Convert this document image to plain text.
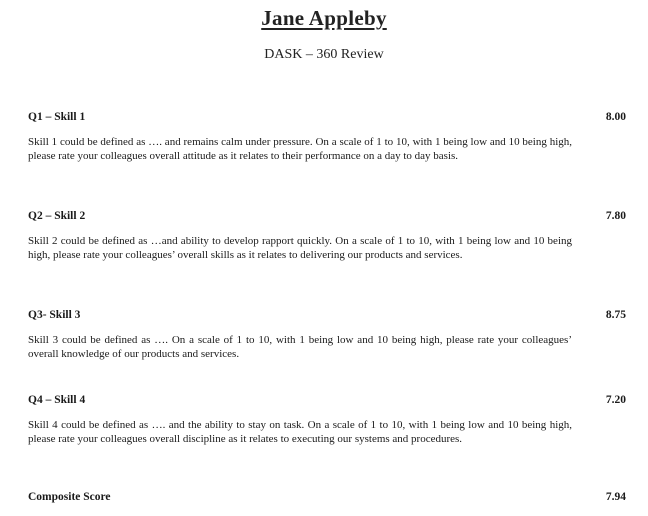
Jane Appleby
DASK – 360 Review
Q1 – Skill 1	8.00
Skill 1 could be defined as …. and remains calm under pressure. On a scale of 1 to 10, with 1 being low and 10 being high, please rate your colleagues overall attitude as it relates to their performance on a day to day basis.
Q2 – Skill 2	7.80
Skill 2 could be defined as …and ability to develop rapport quickly. On a scale of 1 to 10, with 1 being low and 10 being high, please rate your colleagues’ overall skills as it relates to delivering our products and services.
Q3- Skill 3	8.75
Skill 3 could be defined as …. On a scale of 1 to 10, with 1 being low and 10 being high, please rate your colleagues’ overall knowledge of our products and services.
Q4 – Skill 4	7.20
Skill 4 could be defined as …. and the ability to stay on task. On a scale of 1 to 10, with 1 being low and 10 being high, please rate your colleagues overall discipline as it relates to executing our systems and procedures.
Composite Score	7.94
